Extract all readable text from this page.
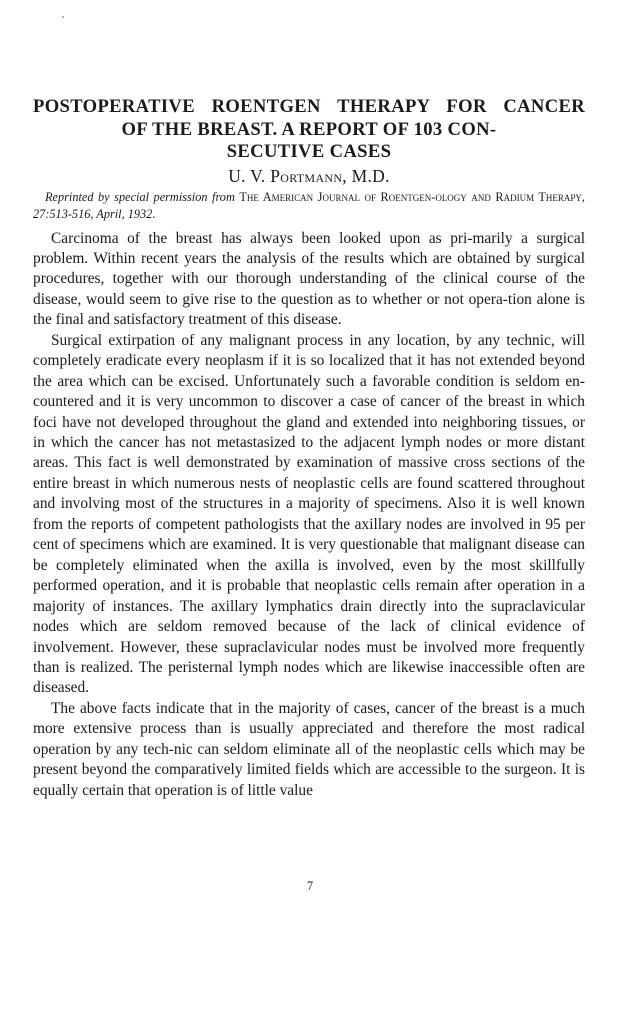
POSTOPERATIVE ROENTGEN THERAPY FOR CANCER
OF THE BREAST. A REPORT OF 103 CON-
SECUTIVE CASES
U. V. Portmann, M.D.

Reprinted by special permission from The American Journal of Roentgen-ology and Radium Therapy, 27:513-516, April, 1932.

Carcinoma of the breast has always been looked upon as pri-marily a surgical problem. Within recent years the analysis of the results which are obtained by surgical procedures, together with our thorough understanding of the clinical course of the disease, would seem to give rise to the question as to whether or not opera-tion alone is the final and satisfactory treatment of this disease.

Surgical extirpation of any malignant process in any location, by any technic, will completely eradicate every neoplasm if it is so localized that it has not extended beyond the area which can be excised. Unfortunately such a favorable condition is seldom en-countered and it is very uncommon to discover a case of cancer of the breast in which foci have not developed throughout the gland and extended into neighboring tissues, or in which the cancer has not metastasized to the adjacent lymph nodes or more distant areas. This fact is well demonstrated by examination of massive cross sections of the entire breast in which numerous nests of neoplastic cells are found scattered throughout and involving most of the structures in a majority of specimens. Also it is well known from the reports of competent pathologists that the axillary nodes are involved in 95 per cent of specimens which are examined. It is very questionable that malignant disease can be completely eliminated when the axilla is involved, even by the most skillfully performed operation, and it is probable that neoplastic cells remain after operation in a majority of instances. The axillary lymphatics drain directly into the supraclavicular nodes which are seldom removed because of the lack of clinical evidence of involvement. However, these supraclavicular nodes must be involved more frequently than is realized. The peristernal lymph nodes which are likewise inaccessible often are diseased.

The above facts indicate that in the majority of cases, cancer of the breast is a much more extensive process than is usually appreciated and therefore the most radical operation by any tech-nic can seldom eliminate all of the neoplastic cells which may be present beyond the comparatively limited fields which are accessible to the surgeon. It is equally certain that operation is of little value

7
